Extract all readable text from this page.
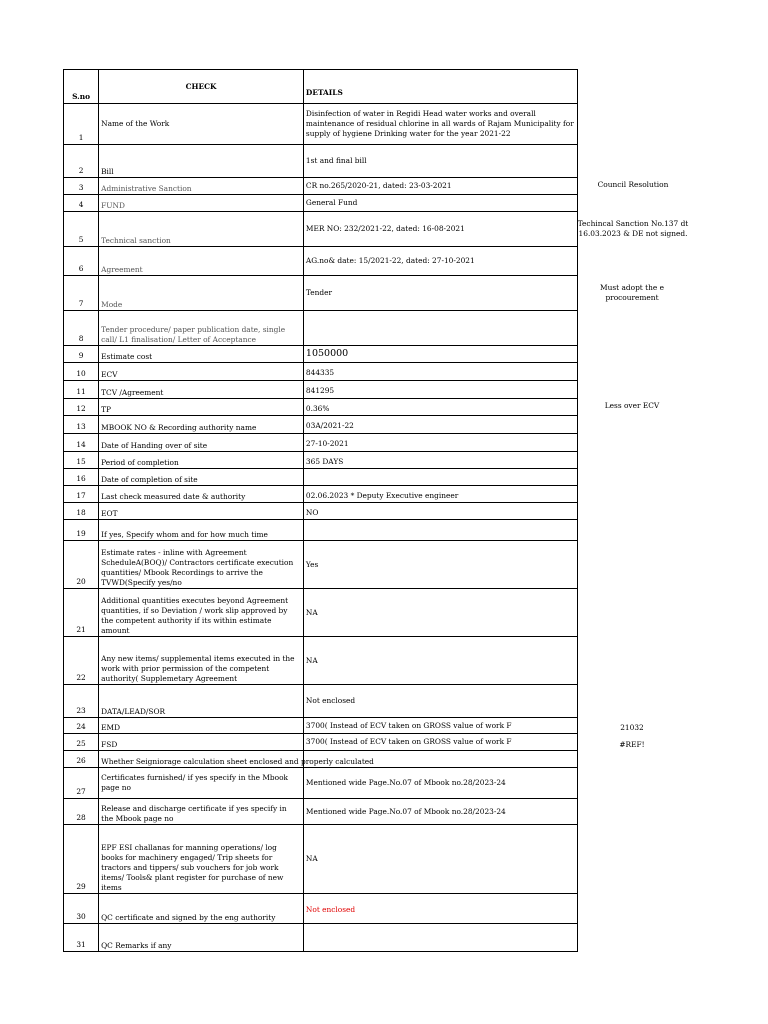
S.no	CHECK	DETAILS
1	Name of the Work	Disinfection of water in Regidi Head water works and overall maintenance of residual chlorine in all wards of Rajam Municipality for supply of hygiene Drinking water for the year 2021-22
2	Bill	1st and final bill
3	Administrative Sanction	CR no.265/2020-21, dated: 23-03-2021
4	FUND	General Fund
5	Technical sanction	MER NO: 232/2021-22, dated: 16-08-2021
6	Agreement	AG.no& date: 15/2021-22, dated: 27-10-2021
7	Mode	Tender
8	Tender procedure/ paper publication date, single call/ L1 finalisation/ Letter of Acceptance	
9	Estimate cost	1050000
10	ECV	844335
11	TCV /Agreement	841295
12	TP	0.36%
13	MBOOK NO & Recording authority name	03A/2021-22
14	Date of Handing over of site	27-10-2021
15	Period of completion	365 DAYS
16	Date of completion of site	
17	Last check measured date & authority	02.06.2023 * Deputy Executive engineer
18	EOT	NO
19	If yes, Specify whom and for how much time	
20	Estimate rates - inline with Agreement ScheduleA(BOQ)/ Contractors certificate execution quantities/ Mbook Recordings to arrive the TVWD(Specify yes/no	Yes
21	Additional quantities executes beyond Agreement quantities, if so Deviation / work slip approved by the competent authority if its within estimate amount	NA
22	Any new items/ supplemental items executed in the work with prior permission of the competent authority( Supplemetary Agreement	NA
23	DATA/LEAD/SOR	Not enclosed
24	EMD	3700( Instead of ECV taken on GROSS value of work F
25	FSD	3700( Instead of ECV taken on GROSS value of work F
26	Whether Seigniorage calculation sheet enclosed and properly calculated	
27	Certificates furnished/ if yes specify in the Mbook page no	Mentioned wide Page.No.07 of Mbook no.28/2023-24
28	Release and discharge certificate if yes specify in the Mbook page no	Mentioned wide Page.No.07 of Mbook no.28/2023-24
29	EPF ESI challanas for manning operations/ log books for machinery engaged/ Trip sheets for tractors and tippers/ sub vouchers for job work items/ Tools& plant register for purchase of new items	NA
30	QC certificate and signed by the eng authority	Not enclosed
31	QC Remarks if any	
Council Resolution
Techincal Sanction No.137 dt 16.03.2023 & DE not signed.
Must adopt the e procourement
Less over ECV
21032
#REF!
